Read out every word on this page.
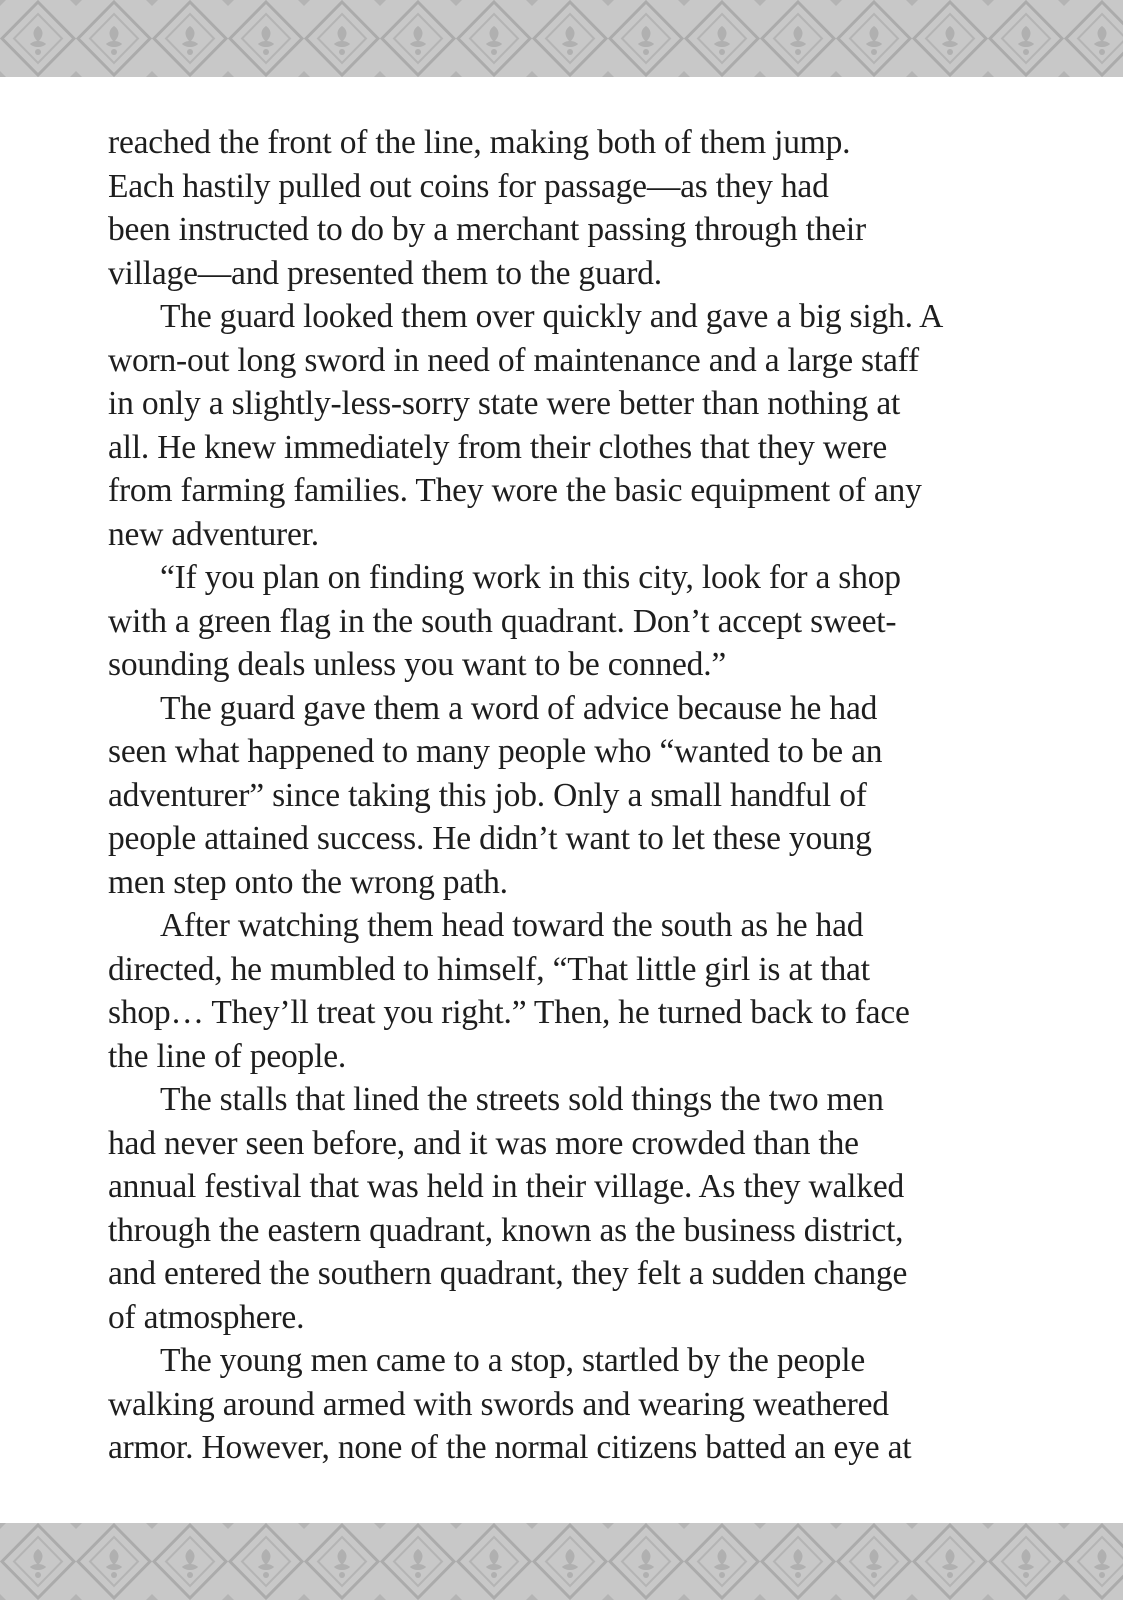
reached the front of the line, making both of them jump.
Each hastily pulled out coins for passage—as they had
been instructed to do by a merchant passing through their
village—and presented them to the guard.
The guard looked them over quickly and gave a big sigh. A
worn-out long sword in need of maintenance and a large staff
in only a slightly-less-sorry state were better than nothing at
all. He knew immediately from their clothes that they were
from farming families. They wore the basic equipment of any
new adventurer.
“If you plan on finding work in this city, look for a shop
with a green flag in the south quadrant. Don’t accept sweet-
sounding deals unless you want to be conned.”
The guard gave them a word of advice because he had
seen what happened to many people who “wanted to be an
adventurer” since taking this job. Only a small handful of
people attained success. He didn’t want to let these young
men step onto the wrong path.
After watching them head toward the south as he had
directed, he mumbled to himself, “That little girl is at that
shop… They’ll treat you right.” Then, he turned back to face
the line of people.
The stalls that lined the streets sold things the two men
had never seen before, and it was more crowded than the
annual festival that was held in their village. As they walked
through the eastern quadrant, known as the business district,
and entered the southern quadrant, they felt a sudden change
of atmosphere.
The young men came to a stop, startled by the people
walking around armed with swords and wearing weathered
armor. However, none of the normal citizens batted an eye at
